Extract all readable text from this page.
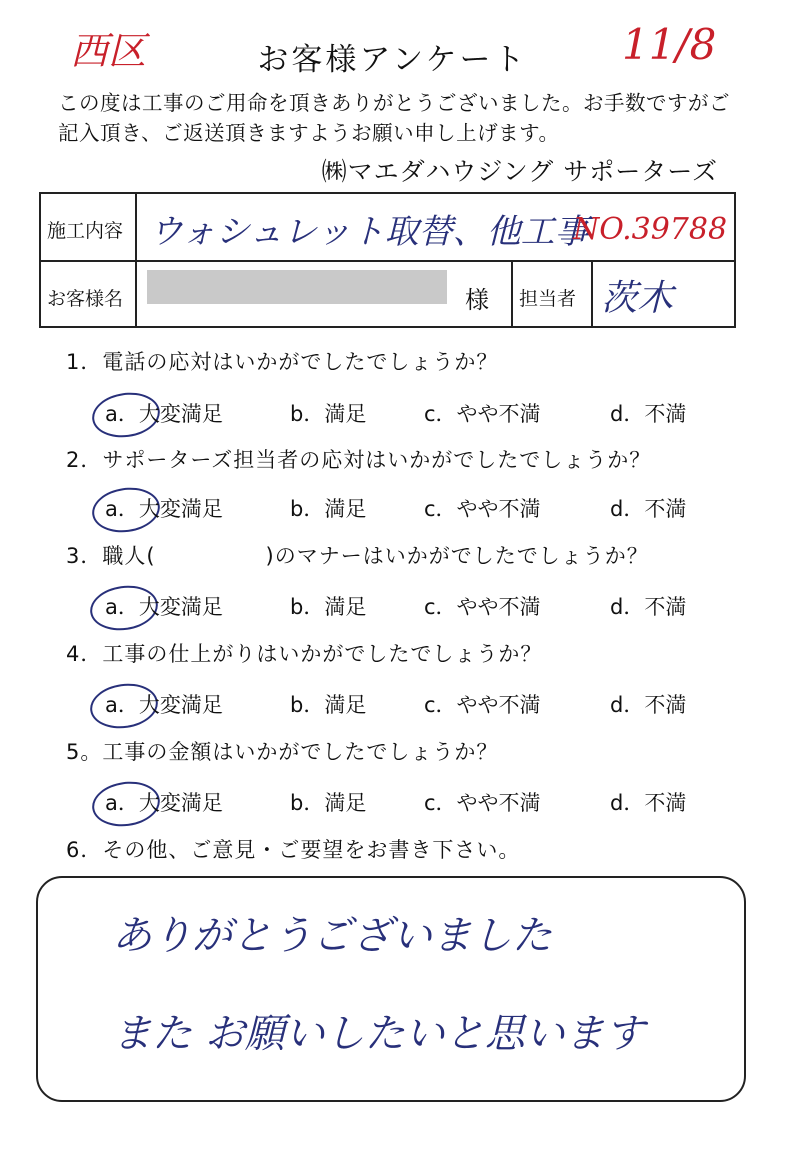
西区	お客様アンケート	11/8
この度は工事のご用命を頂きありがとうございました。お手数ですがご記入頂き、ご返送頂きますようお願い申し上げます。
㈱マエダハウジング サポーターズ
施工内容 ウォシュレット取替、他工事
NO.39788
お客様名	様 担当者 茨木
1．電話の応対はいかがでしたでしょうか？
a．大変満足	b．満足	c．やや不満	d．不満
2．サポーターズ担当者の応対はいかがでしたでしょうか？
a．大変満足	b．満足	c．やや不満	d．不満
3．職人(　　　　　)のマナーはいかがでしたでしょうか？
a．大変満足	b．満足	c．やや不満	d．不満
4．工事の仕上がりはいかがでしたでしょうか？
a．大変満足	b．満足	c．やや不満	d．不満
5。工事の金額はいかがでしたでしょうか？
a．大変満足	b．満足	c．やや不満	d．不満
6．その他、ご意見・ご要望をお書き下さい。
ありがとうございました
また お願いしたいと思います
